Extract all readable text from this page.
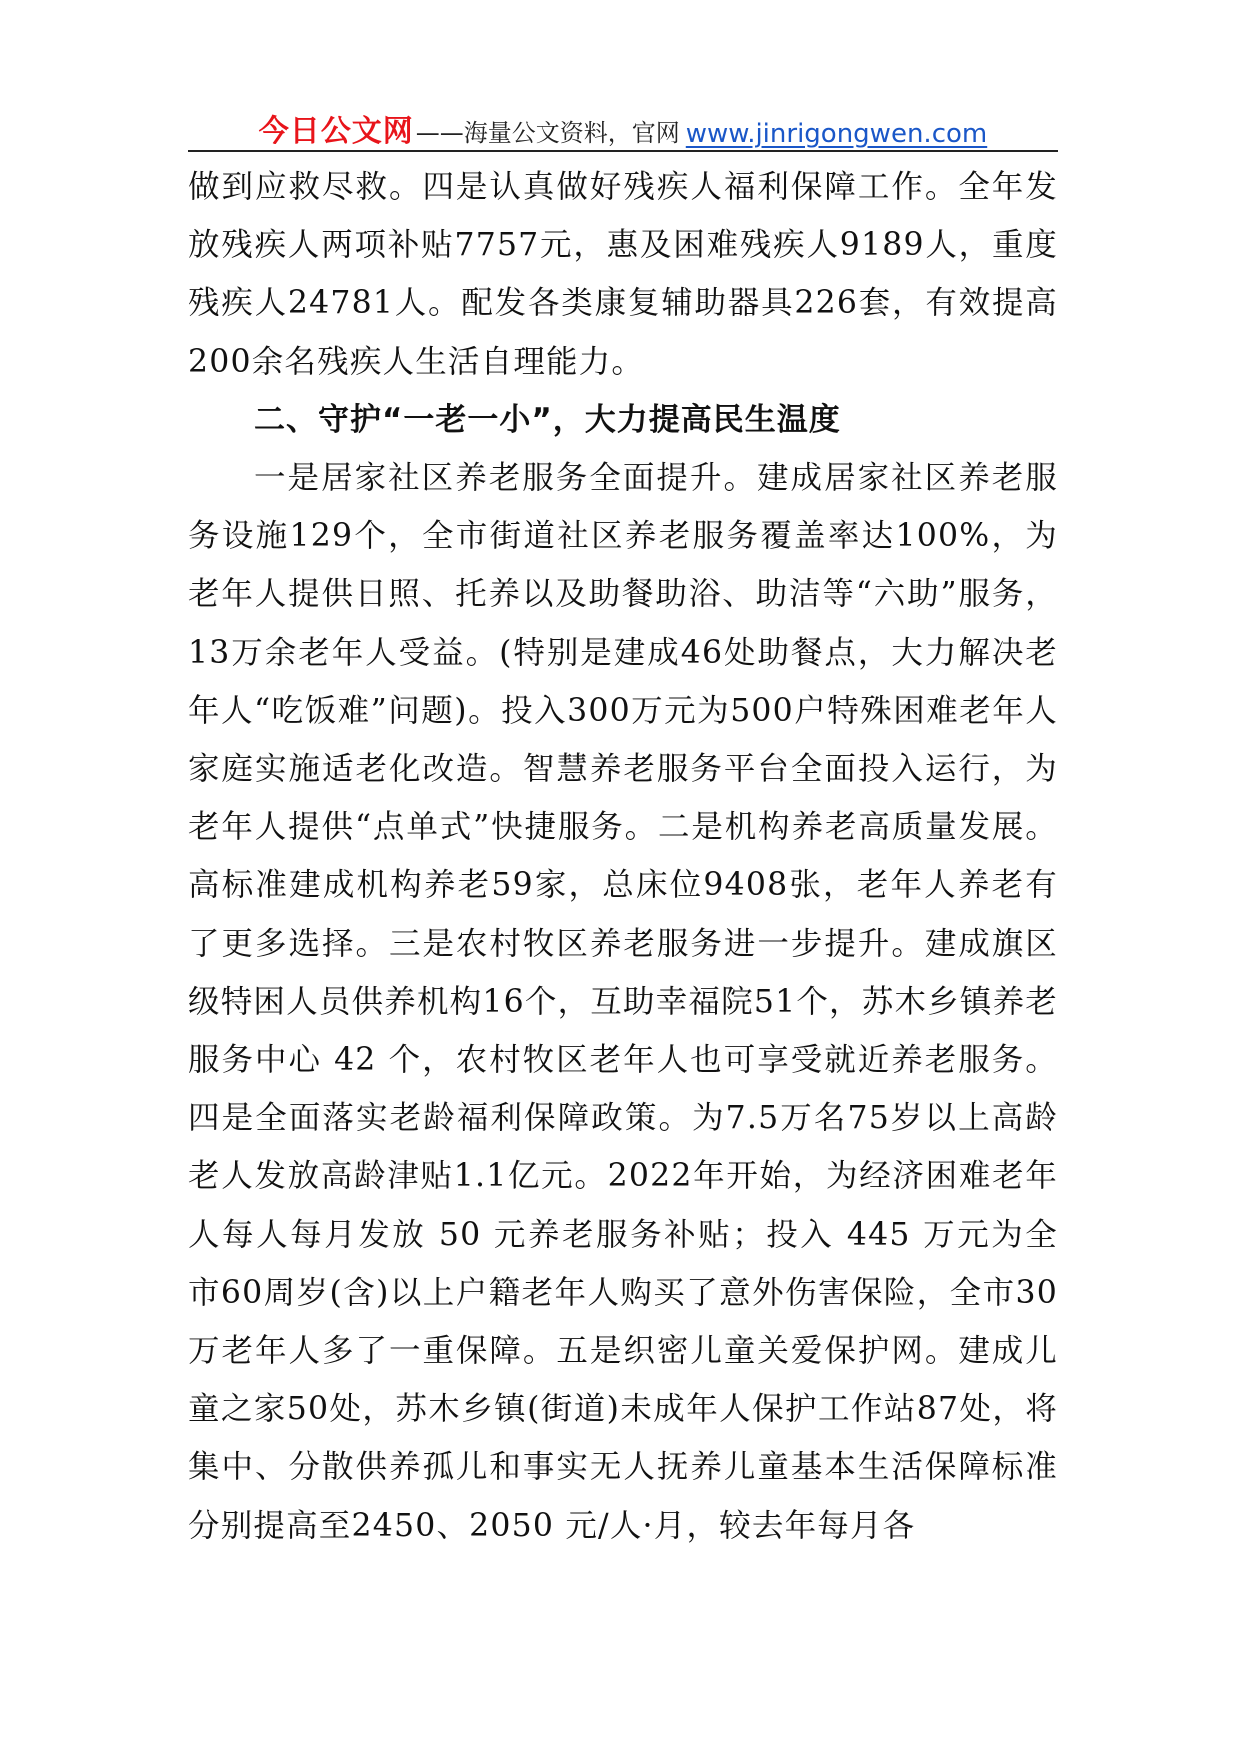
今日公文网 ——海量公文资料，官网 www.jinrigongwen.com

做到应救尽救。四是认真做好残疾人福利保障工作。全年发放残疾人两项补贴7757元，惠及困难残疾人9189人，重度残疾人24781人。配发各类康复辅助器具226套，有效提高200余名残疾人生活自理能力。

二、守护“一老一小”，大力提高民生温度

一是居家社区养老服务全面提升。建成居家社区养老服务设施129个，全市街道社区养老服务覆盖率达100%，为老年人提供日照、托养以及助餐助浴、助洁等“六助”服务，13万余老年人受益。(特别是建成46处助餐点，大力解决老年人“吃饭难”问题)。投入300万元为500户特殊困难老年人家庭实施适老化改造。智慧养老服务平台全面投入运行，为老年人提供“点单式”快捷服务。二是机构养老高质量发展。高标准建成机构养老59家，总床位9408张，老年人养老有了更多选择。三是农村牧区养老服务进一步提升。建成旗区级特困人员供养机构16个，互助幸福院51个，苏木乡镇养老服务中心 42 个，农村牧区老年人也可享受就近养老服务。四是全面落实老龄福利保障政策。为7.5万名75岁以上高龄老人发放高龄津贴1.1亿元。2022年开始，为经济困难老年人每人每月发放 50 元养老服务补贴；投入 445 万元为全市60周岁(含)以上户籍老年人购买了意外伤害保险，全市30万老年人多了一重保障。五是织密儿童关爱保护网。建成儿童之家50处，苏木乡镇(街道)未成年人保护工作站87处，将集中、分散供养孤儿和事实无人抚养儿童基本生活保障标准分别提高至2450、2050 元/人·月，较去年每月各
